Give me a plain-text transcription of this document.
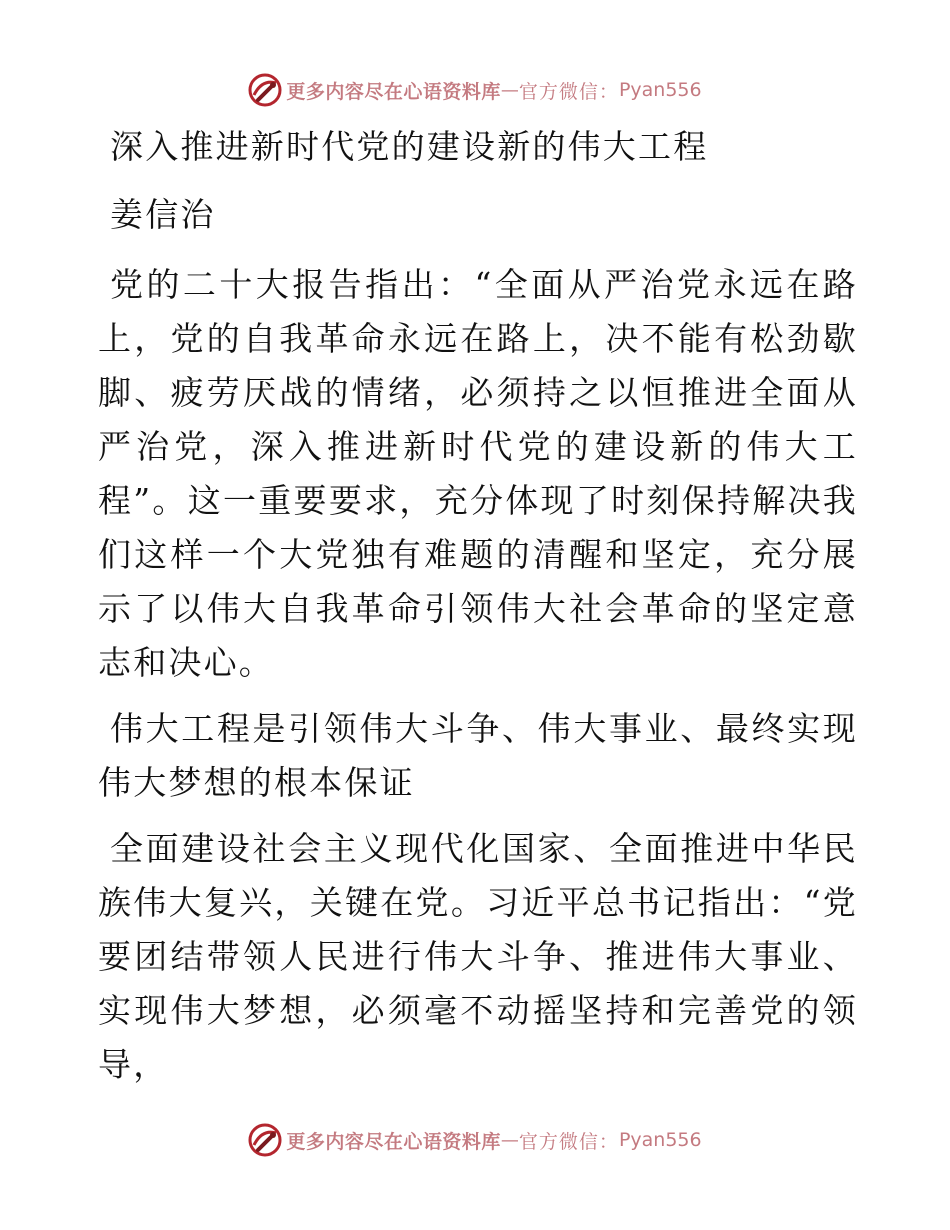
更多内容尽在心语资料库 — 官方微信： Pyan556
深入推进新时代党的建设新的伟大工程
姜信治
党的二十大报告指出：“全面从严治党永远在路上，党的自我革命永远在路上，决不能有松劲歇脚、疲劳厌战的情绪，必须持之以恒推进全面从严治党，深入推进新时代党的建设新的伟大工程”。这一重要要求，充分体现了时刻保持解决我们这样一个大党独有难题的清醒和坚定，充分展示了以伟大自我革命引领伟大社会革命的坚定意志和决心。
伟大工程是引领伟大斗争、伟大事业、最终实现伟大梦想的根本保证
全面建设社会主义现代化国家、全面推进中华民族伟大复兴，关键在党。习近平总书记指出：“党要团结带领人民进行伟大斗争、推进伟大事业、实现伟大梦想，必须毫不动摇坚持和完善党的领导，
更多内容尽在心语资料库 — 官方微信： Pyan556
